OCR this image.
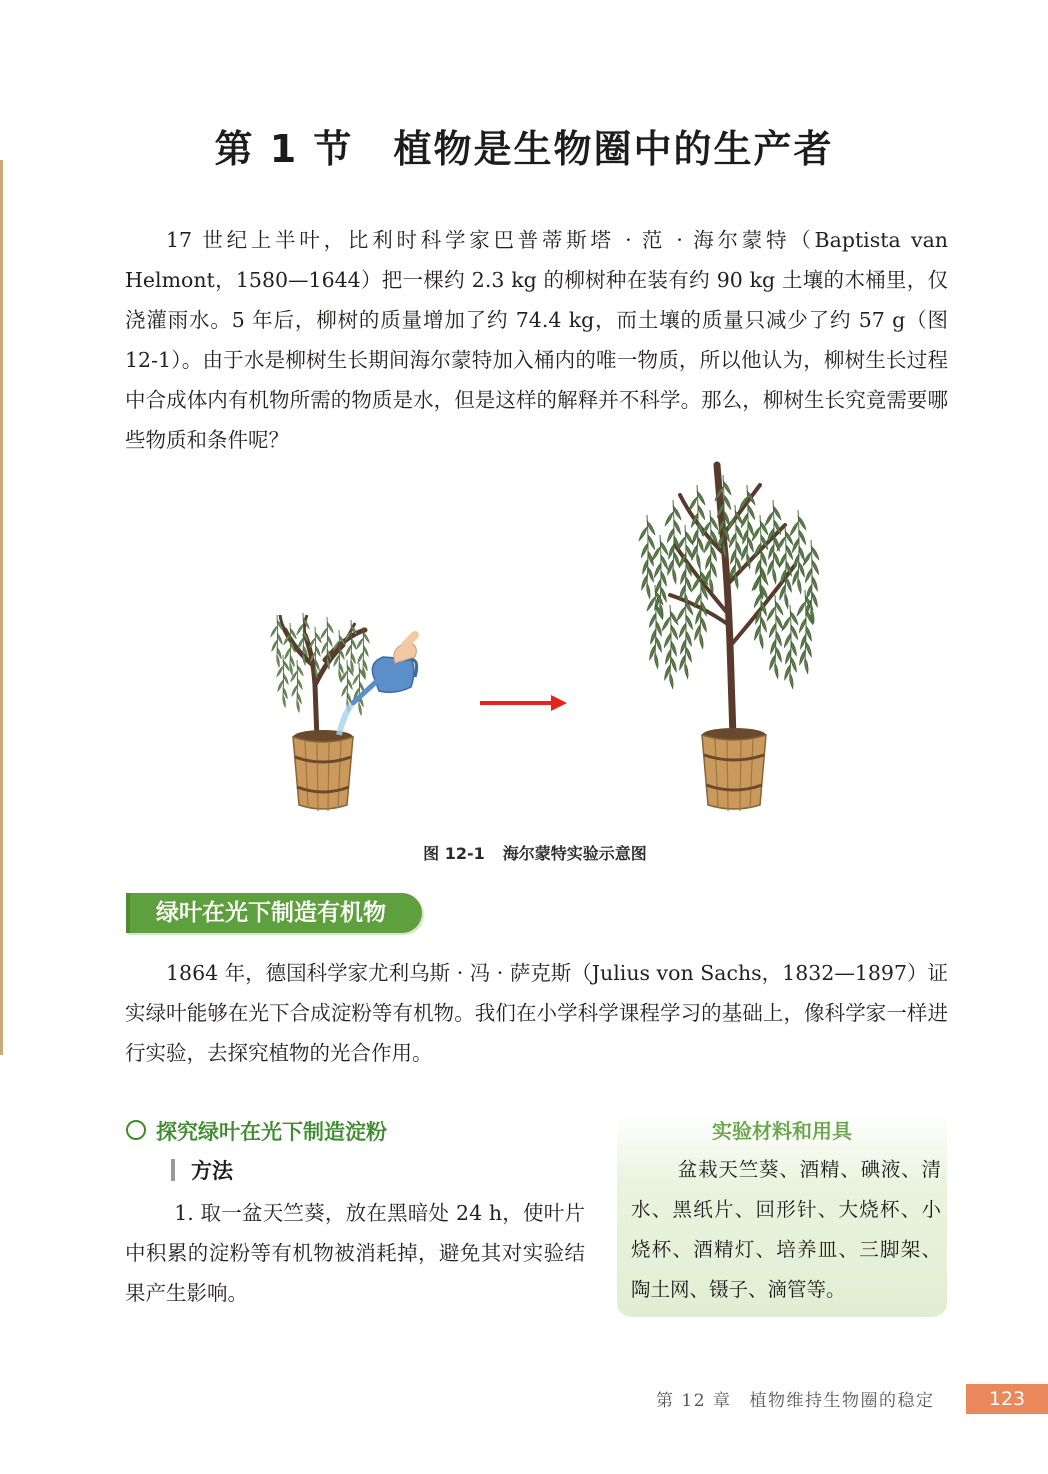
第 1 节 植物是生物圈中的生产者

17 世纪上半叶，比利时科学家巴普蒂斯塔 · 范 · 海尔蒙特（Baptista van Helmont，1580—1644）把一棵约 2.3 kg 的柳树种在装有约 90 kg 土壤的木桶里，仅浇灌雨水。5 年后，柳树的质量增加了约 74.4 kg，而土壤的质量只减少了约 57 g（图 12-1）。由于水是柳树生长期间海尔蒙特加入桶内的唯一物质，所以他认为，柳树生长过程中合成体内有机物所需的物质是水，但是这样的解释并不科学。那么，柳树生长究竟需要哪些物质和条件呢？

图 12-1 海尔蒙特实验示意图
绿叶在光下制造有机物

1864 年，德国科学家尤利乌斯 · 冯 · 萨克斯（Julius von Sachs，1832—1897）证实绿叶能够在光下合成淀粉等有机物。我们在小学科学课程学习的基础上，像科学家一样进行实验，去探究植物的光合作用。

探究绿叶在光下制造淀粉
方法

1. 取一盆天竺葵，放在黑暗处 24 h，使叶片中积累的淀粉等有机物被消耗掉，避免其对实验结果产生影响。

实验材料和用具

盆栽天竺葵、酒精、碘液、清水、黑纸片、回形针、大烧杯、小烧杯、酒精灯、培养皿、三脚架、陶土网、镊子、滴管等。

第 12 章 植物维持生物圈的稳定	123
